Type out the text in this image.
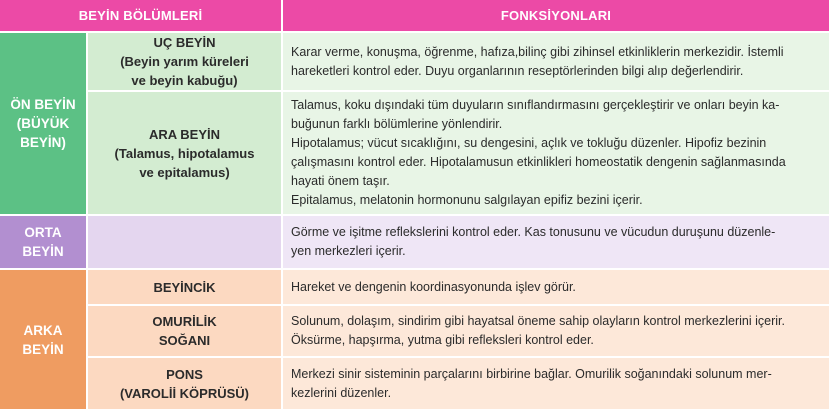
BEYİN BÖLÜMLERİ	FONKSİYONLARI
ÖN BEYİN
(BÜYÜK
BEYİN)
UÇ BEYİN
(Beyin yarım küreleri
ve beyin kabuğu)
Karar verme, konuşma, öğrenme, hafıza,bilinç gibi zihinsel etkinliklerin merkezidir. İstemli
hareketleri kontrol eder. Duyu organlarının reseptörlerinden bilgi alıp değerlendirir.
ARA BEYİN
(Talamus, hipotalamus
ve epitalamus)
Talamus, koku dışındaki tüm duyuların sınıflandırmasını gerçekleştirir ve onları beyin ka-
buğunun farklı bölümlerine yönlendirir.
Hipotalamus; vücut sıcaklığını, su dengesini, açlık ve tokluğu düzenler. Hipofiz bezinin
çalışmasını kontrol eder. Hipotalamusun etkinlikleri homeostatik dengenin sağlanmasında
hayati önem taşır.
Epitalamus, melatonin hormonunu salgılayan epifiz bezini içerir.
ORTA
BEYİN
Görme ve işitme reflekslerini kontrol eder. Kas tonusunu ve vücudun duruşunu düzenle-
yen merkezleri içerir.
ARKA
BEYİN
BEYİNCİK	Hareket ve dengenin koordinasyonunda işlev görür.
OMURİLİK
SOĞANI
Solunum, dolaşım, sindirim gibi hayatsal öneme sahip olayların kontrol merkezlerini içerir.
Öksürme, hapşırma, yutma gibi refleksleri kontrol eder.
PONS
(VAROLİİ KÖPRÜSÜ)
Merkezi sinir sisteminin parçalarını birbirine bağlar. Omurilik soğanındaki solunum mer-
kezlerini düzenler.
